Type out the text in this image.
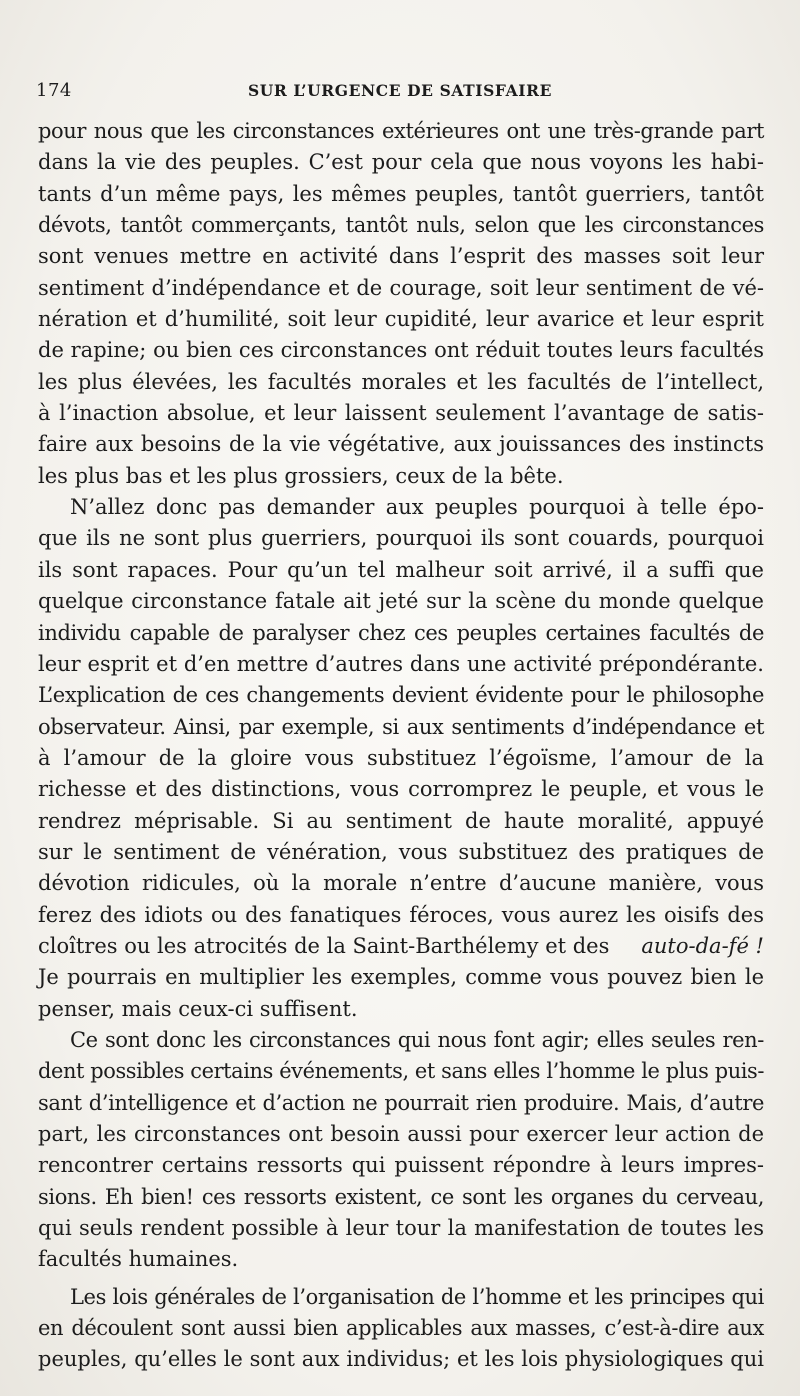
174	SUR L’URGENCE DE SATISFAIRE
pour nous que les circonstances extérieures ont une très-grande part
dans la vie des peuples. C’est pour cela que nous voyons les habi-
tants d’un même pays, les mêmes peuples, tantôt guerriers, tantôt
dévots, tantôt commerçants, tantôt nuls, selon que les circonstances
sont venues mettre en activité dans l’esprit des masses soit leur
sentiment d’indépendance et de courage, soit leur sentiment de vé-
nération et d’humilité, soit leur cupidité, leur avarice et leur esprit
de rapine; ou bien ces circonstances ont réduit toutes leurs facultés
les plus élevées, les facultés morales et les facultés de l’intellect,
à l’inaction absolue, et leur laissent seulement l’avantage de satis-
faire aux besoins de la vie végétative, aux jouissances des instincts
les plus bas et les plus grossiers, ceux de la bête.
N’allez donc pas demander aux peuples pourquoi à telle épo-
que ils ne sont plus guerriers, pourquoi ils sont couards, pourquoi
ils sont rapaces. Pour qu’un tel malheur soit arrivé, il a suffi que
quelque circonstance fatale ait jeté sur la scène du monde quelque
individu capable de paralyser chez ces peuples certaines facultés de
leur esprit et d’en mettre d’autres dans une activité prépondérante.
L’explication de ces changements devient évidente pour le philosophe
observateur. Ainsi, par exemple, si aux sentiments d’indépendance et
à l’amour de la gloire vous substituez l’égoïsme, l’amour de la
richesse et des distinctions, vous corromprez le peuple, et vous le
rendrez méprisable. Si au sentiment de haute moralité, appuyé
sur le sentiment de vénération, vous substituez des pratiques de
dévotion ridicules, où la morale n’entre d’aucune manière, vous
ferez des idiots ou des fanatiques féroces, vous aurez les oisifs des
cloîtres ou les atrocités de la Saint-Barthélemy et des auto-da-fé !
Je pourrais en multiplier les exemples, comme vous pouvez bien le
penser, mais ceux-ci suffisent.
Ce sont donc les circonstances qui nous font agir; elles seules ren-
dent possibles certains événements, et sans elles l’homme le plus puis-
sant d’intelligence et d’action ne pourrait rien produire. Mais, d’autre
part, les circonstances ont besoin aussi pour exercer leur action de
rencontrer certains ressorts qui puissent répondre à leurs impres-
sions. Eh bien! ces ressorts existent, ce sont les organes du cerveau,
qui seuls rendent possible à leur tour la manifestation de toutes les
facultés humaines.
Les lois générales de l’organisation de l’homme et les principes qui
en découlent sont aussi bien applicables aux masses, c’est-à-dire aux
peuples, qu’elles le sont aux individus; et les lois physiologiques qui
